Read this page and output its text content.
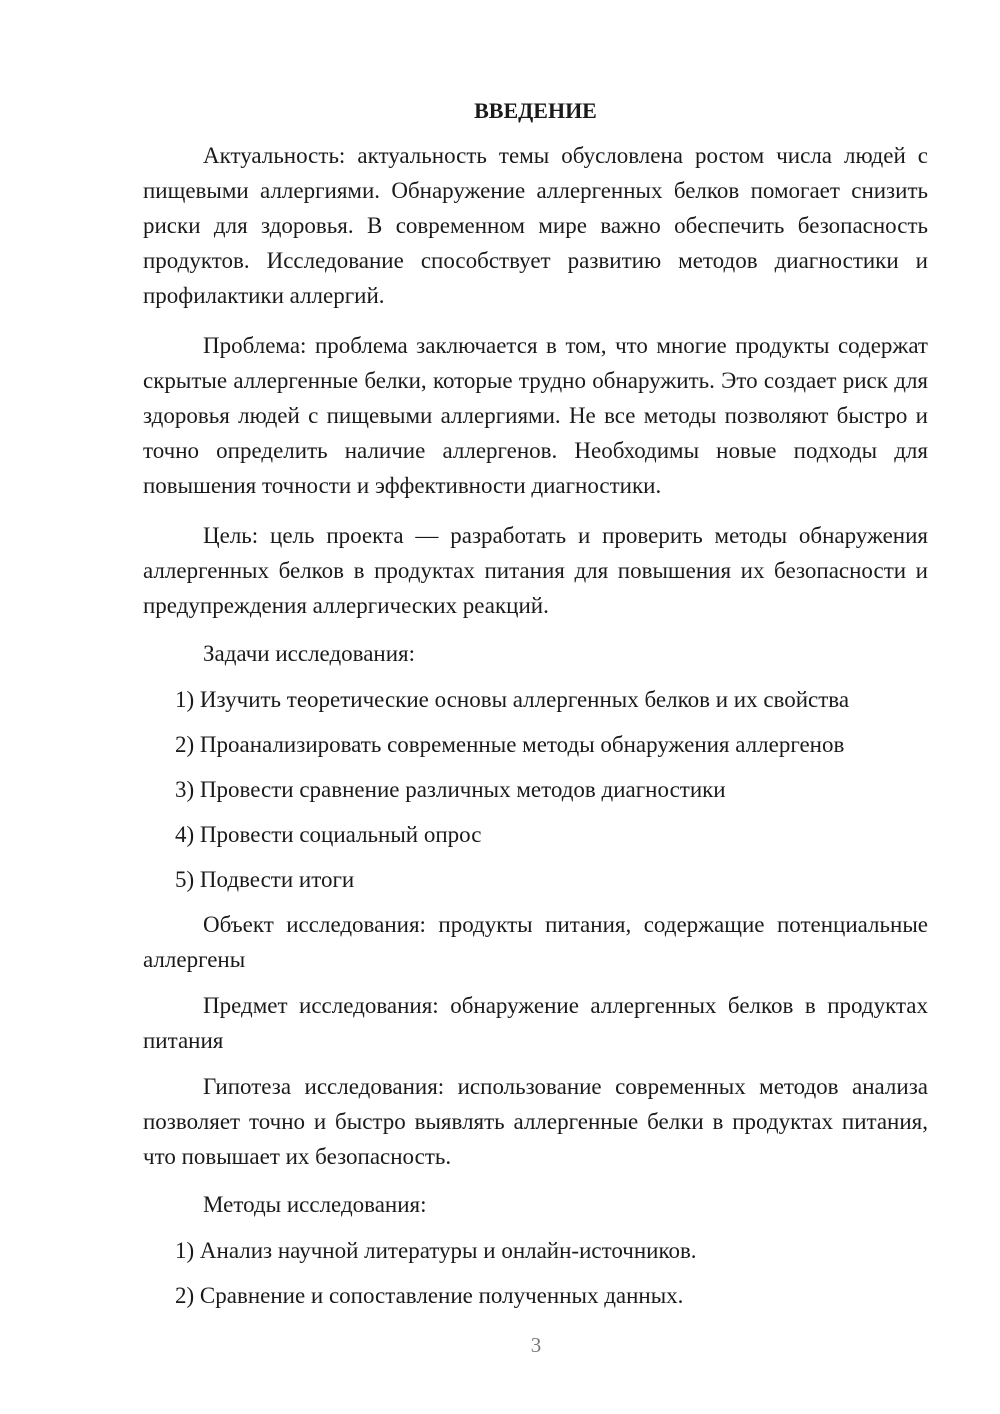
ВВЕДЕНИЕ

Актуальность: актуальность темы обусловлена ростом числа людей с пищевыми аллергиями. Обнаружение аллергенных белков помогает снизить риски для здоровья. В современном мире важно обеспечить безопасность продуктов. Исследование способствует развитию методов диагностики и профилактики аллергий.

Проблема: проблема заключается в том, что многие продукты содержат скрытые аллергенные белки, которые трудно обнаружить. Это создает риск для здоровья людей с пищевыми аллергиями. Не все методы позволяют быстро и точно определить наличие аллергенов. Необходимы новые подходы для повышения точности и эффективности диагностики.

Цель: цель проекта — разработать и проверить методы обнаружения аллергенных белков в продуктах питания для повышения их безопасности и предупреждения аллергических реакций.

Задачи исследования:

1) Изучить теоретические основы аллергенных белков и их свойства
2) Проанализировать современные методы обнаружения аллергенов
3) Провести сравнение различных методов диагностики
4) Провести социальный опрос
5) Подвести итоги

Объект исследования: продукты питания, содержащие потенциальные аллергены

Предмет исследования: обнаружение аллергенных белков в продуктах питания

Гипотеза исследования: использование современных методов анализа позволяет точно и быстро выявлять аллергенные белки в продуктах питания, что повышает их безопасность.

Методы исследования:

1) Анализ научной литературы и онлайн-источников.
2) Сравнение и сопоставление полученных данных.
3
